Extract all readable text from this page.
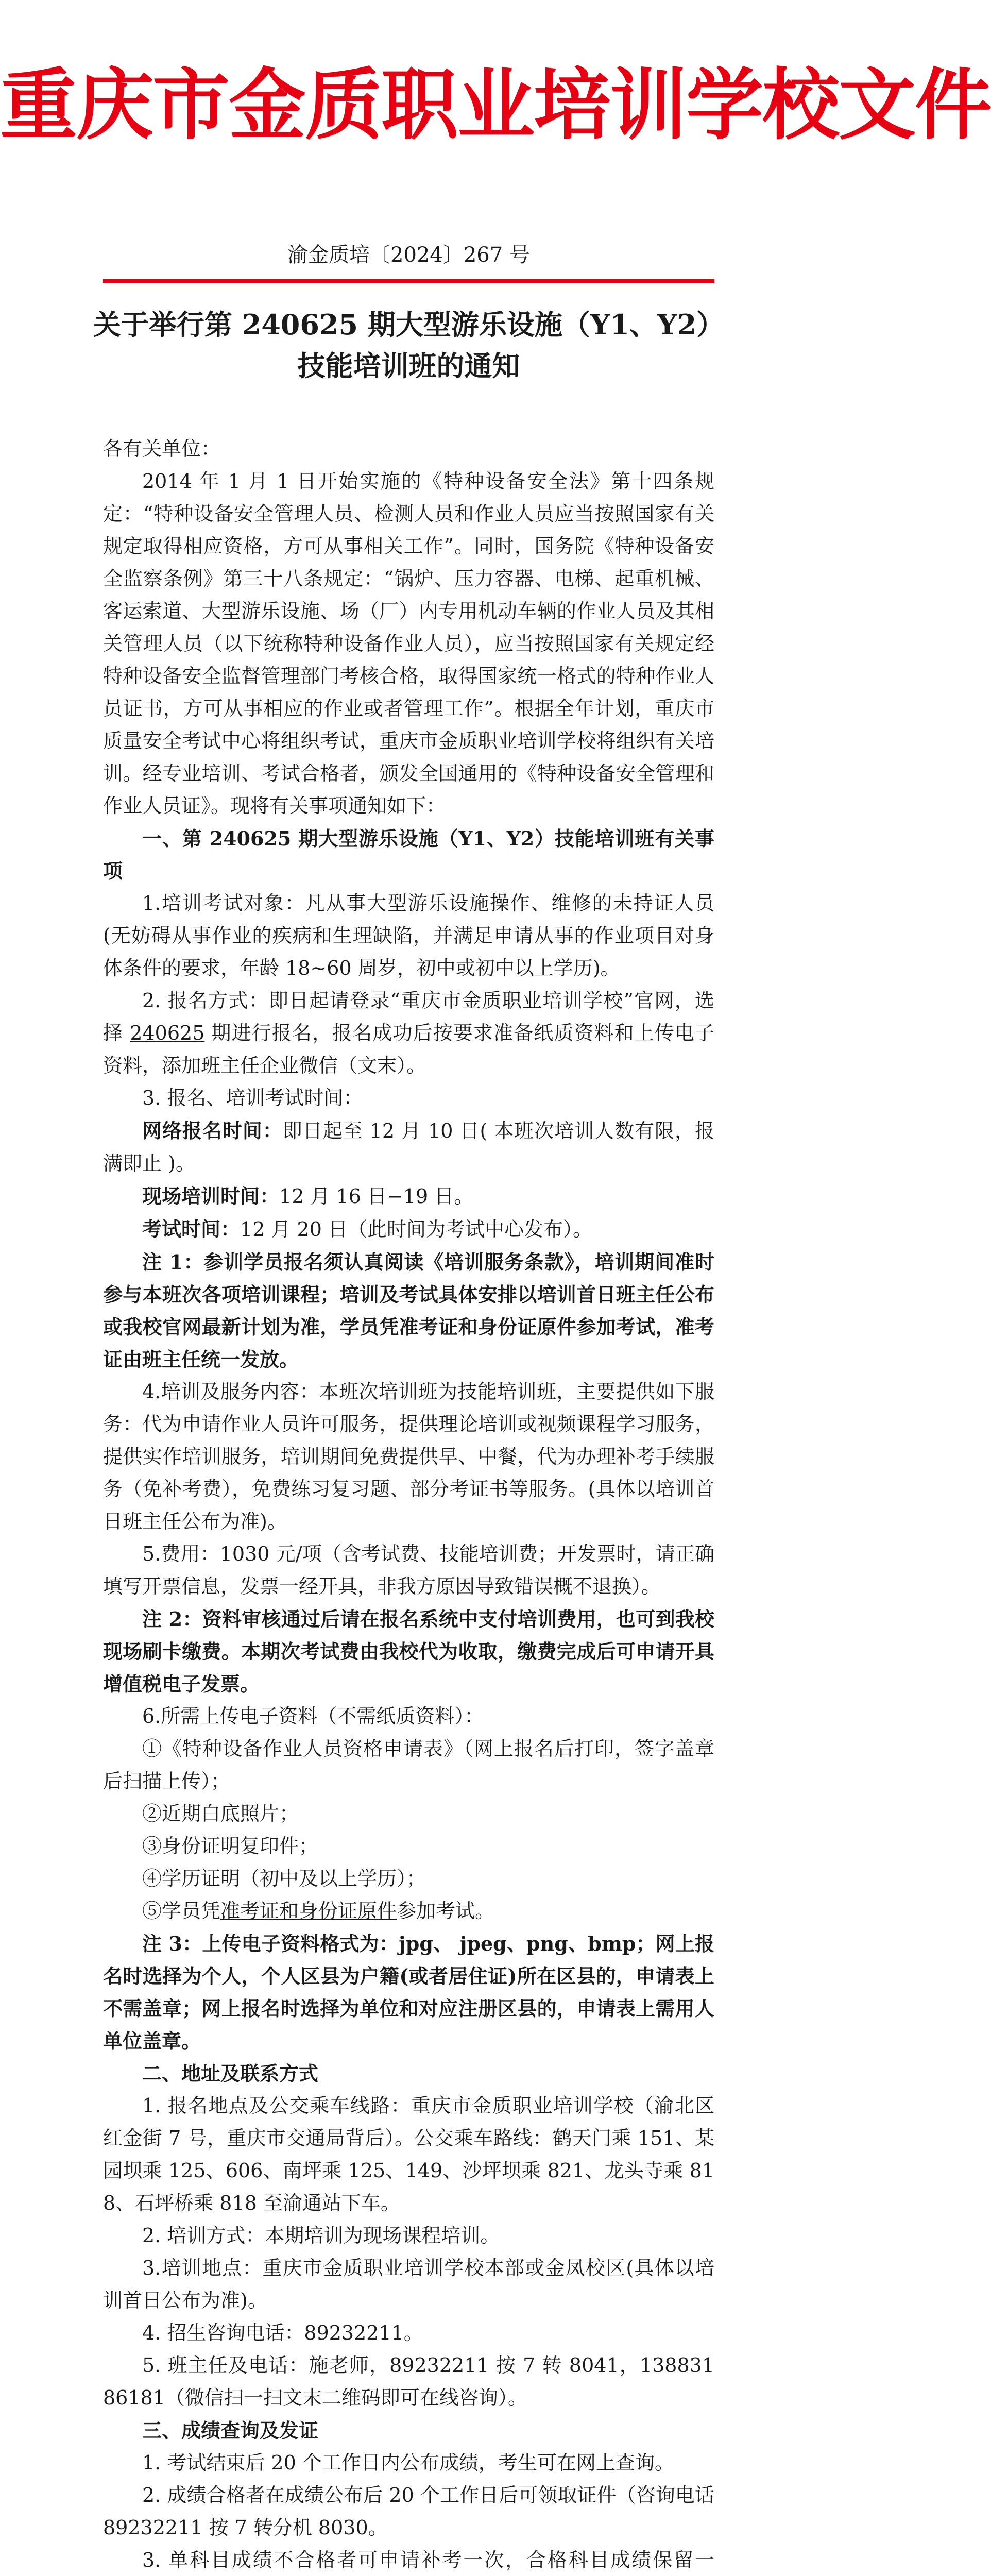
重庆市金质职业培训学校文件
渝金质培〔2024〕267 号
关于举行第 240625 期大型游乐设施（Y1、Y2）
技能培训班的通知

各有关单位：

2014 年 1 月 1 日开始实施的《特种设备安全法》第十四条规定：“特种设备安全管理人员、检测人员和作业人员应当按照国家有关规定取得相应资格，方可从事相关工作”。同时，国务院《特种设备安全监察条例》第三十八条规定：“锅炉、压力容器、电梯、起重机械、客运索道、大型游乐设施、场（厂）内专用机动车辆的作业人员及其相关管理人员（以下统称特种设备作业人员），应当按照国家有关规定经特种设备安全监督管理部门考核合格，取得国家统一格式的特种作业人员证书，方可从事相应的作业或者管理工作”。根据全年计划，重庆市质量安全考试中心将组织考试，重庆市金质职业培训学校将组织有关培训。经专业培训、考试合格者，颁发全国通用的《特种设备安全管理和作业人员证》。现将有关事项通知如下：

一、第 240625 期大型游乐设施（Y1、Y2）技能培训班有关事项

1.培训考试对象：凡从事大型游乐设施操作、维修的未持证人员(无妨碍从事作业的疾病和生理缺陷，并满足申请从事的作业项目对身体条件的要求，年龄 18~60 周岁，初中或初中以上学历)。

2. 报名方式：即日起请登录“重庆市金质职业培训学校”官网，选择 240625 期进行报名，报名成功后按要求准备纸质资料和上传电子资料，添加班主任企业微信（文末）。

3. 报名、培训考试时间：

网络报名时间：即日起至 12 月 10 日( 本班次培训人数有限，报满即止 )。

现场培训时间：12 月 16 日−19 日。

考试时间：12 月 20 日（此时间为考试中心发布）。

注 1：参训学员报名须认真阅读《培训服务条款》，培训期间准时参与本班次各项培训课程；培训及考试具体安排以培训首日班主任公布或我校官网最新计划为准，学员凭准考证和身份证原件参加考试，准考证由班主任统一发放。

4.培训及服务内容：本班次培训班为技能培训班，主要提供如下服务：代为申请作业人员许可服务，提供理论培训或视频课程学习服务，提供实作培训服务，培训期间免费提供早、中餐，代为办理补考手续服务（免补考费），免费练习复习题、部分考证书等服务。(具体以培训首日班主任公布为准)。

5.费用：1030 元/项（含考试费、技能培训费；开发票时，请正确填写开票信息，发票一经开具，非我方原因导致错误概不退换）。

注 2：资料审核通过后请在报名系统中支付培训费用，也可到我校现场刷卡缴费。本期次考试费由我校代为收取，缴费完成后可申请开具增值税电子发票。

6.所需上传电子资料（不需纸质资料）：

①《特种设备作业人员资格申请表》（网上报名后打印，签字盖章后扫描上传）；

②近期白底照片；

③身份证明复印件；

④学历证明（初中及以上学历）；

⑤学员凭准考证和身份证原件参加考试。

注 3：上传电子资料格式为：jpg、 jpeg、png、bmp；网上报名时选择为个人，个人区县为户籍(或者居住证)所在区县的，申请表上不需盖章；网上报名时选择为单位和对应注册区县的，申请表上需用人单位盖章。

二、地址及联系方式

1. 报名地点及公交乘车线路：重庆市金质职业培训学校（渝北区红金街 7 号，重庆市交通局背后）。公交乘车路线：鹤天门乘 151、某园坝乘 125、606、南坪乘 125、149、沙坪坝乘 821、龙头寺乘 818、石坪桥乘 818 至渝通站下车。

2. 培训方式：本期培训为现场课程培训。

3.培训地点：重庆市金质职业培训学校本部或金凤校区(具体以培训首日公布为准)。

4. 招生咨询电话：89232211。

5. 班主任及电话：施老师，89232211 按 7 转 8041，13883186181（微信扫一扫文末二维码即可在线咨询）。

三、成绩查询及发证

1. 考试结束后 20 个工作日内公布成绩，考生可在网上查询。

2. 成绩合格者在成绩公布后 20 个工作日后可领取证件（咨询电话 89232211 按 7 转分机 8030。

3. 单科目成绩不合格者可申请补考一次，合格科目成绩保留一
